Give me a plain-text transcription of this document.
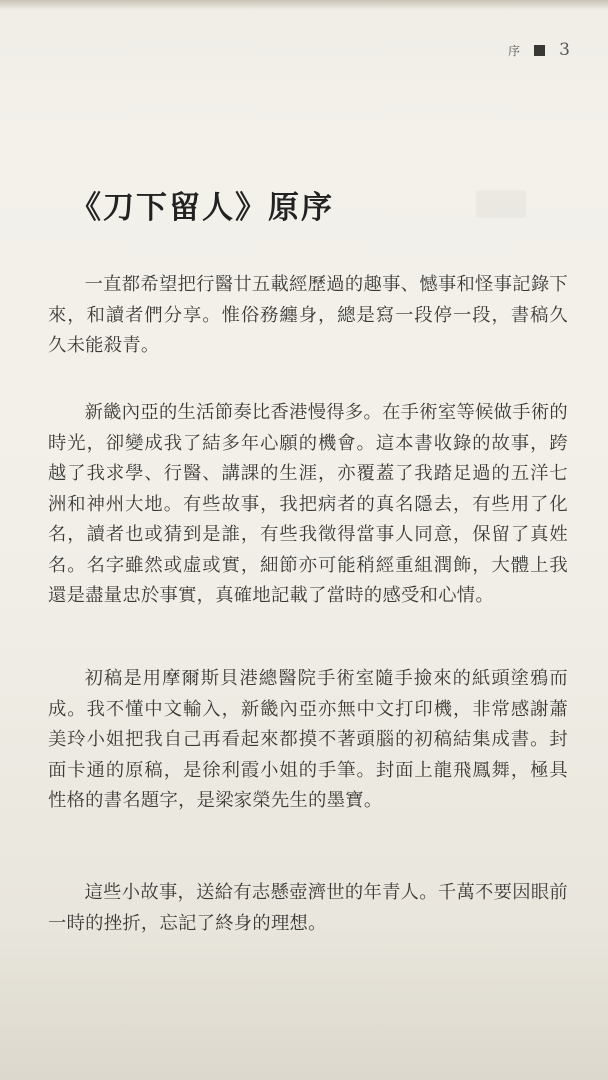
序 3
《刀下留人》原序

一直都希望把行醫廿五載經歷過的趣事、憾事和怪事記錄下來，和讀者們分享。惟俗務纏身，總是寫一段停一段，書稿久久未能殺青。

新畿內亞的生活節奏比香港慢得多。在手術室等候做手術的時光，卻變成我了結多年心願的機會。這本書收錄的故事，跨越了我求學、行醫、講課的生涯，亦覆蓋了我踏足過的五洋七洲和神州大地。有些故事，我把病者的真名隱去，有些用了化名，讀者也或猜到是誰，有些我徵得當事人同意，保留了真姓名。名字雖然或虛或實，細節亦可能稍經重組潤飾，大體上我還是盡量忠於事實，真確地記載了當時的感受和心情。

初稿是用摩爾斯貝港總醫院手術室隨手撿來的紙頭塗鴉而成。我不懂中文輸入，新畿內亞亦無中文打印機，非常感謝蕭美玲小姐把我自己再看起來都摸不著頭腦的初稿結集成書。封面卡通的原稿，是徐利霞小姐的手筆。封面上龍飛鳳舞，極具性格的書名題字，是梁家榮先生的墨寶。

這些小故事，送給有志懸壺濟世的年青人。千萬不要因眼前一時的挫折，忘記了終身的理想。
